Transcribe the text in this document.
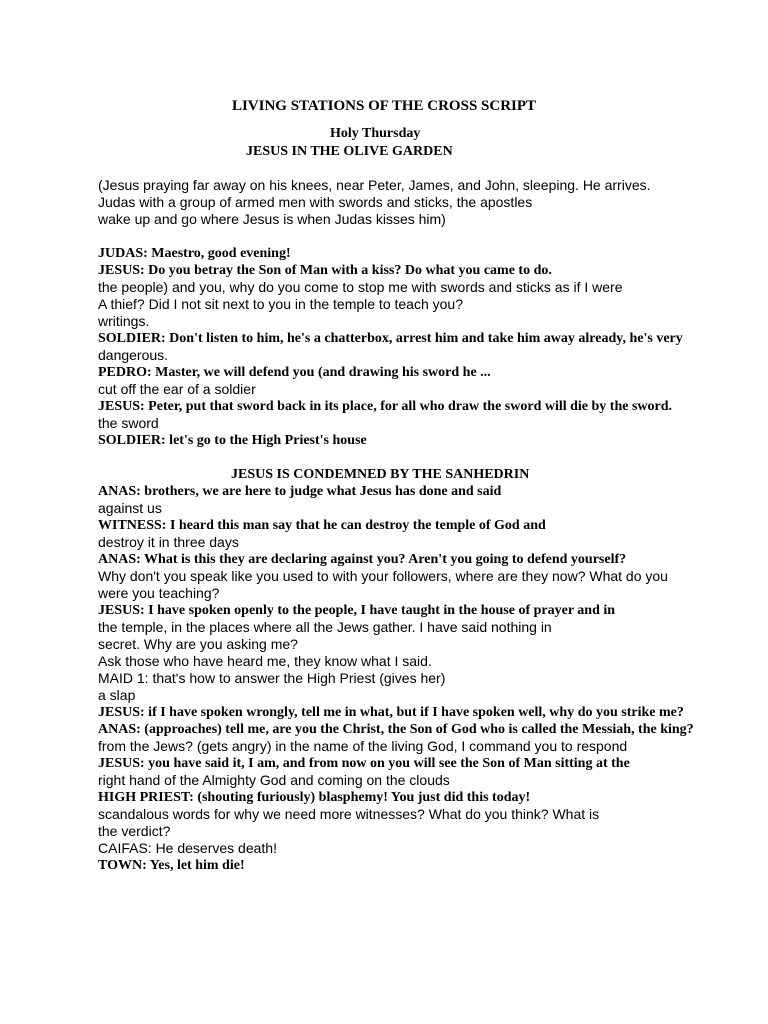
LIVING STATIONS OF THE CROSS SCRIPT
Holy Thursday
JESUS IN THE OLIVE GARDEN
(Jesus praying far away on his knees, near Peter, James, and John, sleeping. He arrives.
Judas with a group of armed men with swords and sticks, the apostles
wake up and go where Jesus is when Judas kisses him)
JUDAS: Maestro, good evening!
JESUS: Do you betray the Son of Man with a kiss? Do what you came to do.
the people) and you, why do you come to stop me with swords and sticks as if I were
A thief? Did I not sit next to you in the temple to teach you?
writings.
SOLDIER: Don't listen to him, he's a chatterbox, arrest him and take him away already, he's very
dangerous.
PEDRO: Master, we will defend you (and drawing his sword he ...
cut off the ear of a soldier
JESUS: Peter, put that sword back in its place, for all who draw the sword will die by the sword.
the sword
SOLDIER: let's go to the High Priest's house
JESUS IS CONDEMNED BY THE SANHEDRIN
ANAS: brothers, we are here to judge what Jesus has done and said
against us
WITNESS: I heard this man say that he can destroy the temple of God and
destroy it in three days
ANAS: What is this they are declaring against you? Aren't you going to defend yourself?
Why don't you speak like you used to with your followers, where are they now? What do you
were you teaching?
JESUS: I have spoken openly to the people, I have taught in the house of prayer and in
the temple, in the places where all the Jews gather. I have said nothing in
secret. Why are you asking me?
Ask those who have heard me, they know what I said.
MAID 1: that's how to answer the High Priest (gives her)
a slap
JESUS: if I have spoken wrongly, tell me in what, but if I have spoken well, why do you strike me?
ANAS: (approaches) tell me, are you the Christ, the Son of God who is called the Messiah, the king?
from the Jews? (gets angry) in the name of the living God, I command you to respond
JESUS: you have said it, I am, and from now on you will see the Son of Man sitting at the
right hand of the Almighty God and coming on the clouds
HIGH PRIEST: (shouting furiously) blasphemy! You just did this today!
scandalous words for why we need more witnesses? What do you think? What is
the verdict?
CAIFAS: He deserves death!
TOWN: Yes, let him die!
